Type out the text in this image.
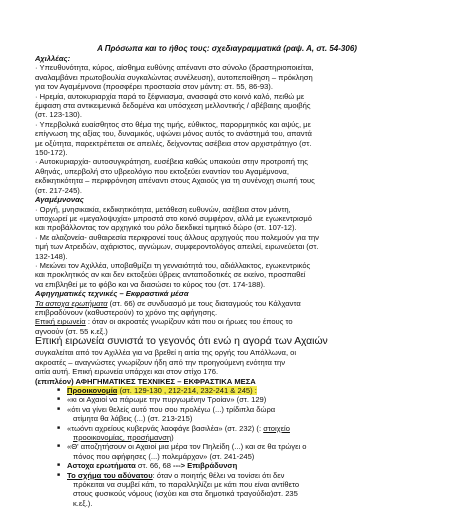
Α Πρόσωπα και το ήθος τους: σχεδιαγραμματικά (ραψ. Α, στ. 54-306)
Αχιλλέας:
· Υπευθυνότητα, κύρος, αίσθημα ευθύνης απέναντι στο σύνολο (δραστηριοποιείται,
αναλαμβάνει πρωτοβουλία συγκαλώντας συνέλευση), αυτοπεποίθηση – πρόκληση
για τον Αγαμέμνονα (προσφέρει προστασία στον μάντη: στ. 55, 86-93).
· Ηρεμία, αυτοκυριαρχία παρά το ξέφνιασμα, ανασαφά στο κοινό καλό, πειθώ με
έμφαση στα αντικειμενικά δεδομένα και υπόσχεση μελλοντικής / αβέβαιης αμοιβής
(στ. 123-130).
· Υπερβολικά ευαίσθητος στο θέμα της τιμής, εύθικτος, παρορμητικός και αψύς, με
επίγνωση της αξίας του, δυναμικός, υψώνει μόνος αυτός το ανάστημά του, απαντά
με οξύτητα, παρεκτρέπεται σε απειλές, δείχνοντας ασέβεια στον αρχιστράτηγο (στ.
150-172).
· Αυτοκυριαρχία- αυτοσυγκράτηση, ευσέβεια καθώς υπακούει στην προτροπή της
Αθηνάς, υπερβολή στο υβρεολόγιο που εκτοξεύει εναντίον του Αγαμέμνονα,
εκδικητικότητα – περιφρόνηση απέναντι στους Αχαιούς για τη συνένοχη σιωπή τους
(στ. 217-245).
Αγαμέμνονας
· Οργή, μνησικακία, εκδικητικότητα, μετάθεση ευθυνών, ασέβεια στον μάντη,
υποχωρεί με «μεγαλοψυχία» μπροστά στο κοινό συμφέρον, αλλά με εγωκεντρισμό
και προβάλλοντας τον αρχηγικό του ρόλο διεκδικεί τιμητικό δώρο (στ. 107-12).
· Με αλαζονεία- αυθαιρεσία περιφρονεί τους άλλους αρχηγούς που πολεμούν για την
τιμή των Ατρειδών, αχάριστος, αγνώμων, συμφεροντολόγος απειλεί, ειρωνεύεται (στ.
132-148).
· Μειώνει τον Αχιλλέα, υποβαθμίζει τη γενναιότητά του, αδιάλλακτος, εγωκεντρικός
και προκλητικός αν και δεν εκτοξεύει ύβρεις ανταποδοτικές σε εκείνο, προσπαθεί
να επιβληθεί με το φόβο και να διασώσει το κύρος του (στ. 174-188).
Αφηγηματικές τεχνικές – Εκφραστικά μέσα
Τα αστοχα ερωτήματα (στ. 66) σε συνδυασμό με τους διαταγμούς του Κάλχαντα
επιβραδύνουν (καθυστερούν) το χρόνο της αφήγησης.
Επική ειρωνεία : όταν οι ακροατές γνωρίζουν κάτι που οι ήρωες του έπους το
αγνοούν (στ. 55 κ.εξ.)
Επική ειρωνεία συνιστά το γεγονός ότι ενώ η αγορά των Αχαιών
συγκαλείται από τον Αχιλλέα για να βρεθεί η αιτία της οργής του Απόλλωνα, οι
ακροατές – αναγνώστες γνωρίζουν ήδη από την προηγούμενη ενότητα την
αιτία αυτή. Επική ειρωνεία υπάρχει και στον στίχο 176.
(επιπλέον) ΑΦΗΓΗΜΑΤΙΚΕΣ ΤΕΧΝΙΚΕΣ – ΕΚΦΡΑΣΤΙΚΑ ΜΕΣΑ
■ Προοικονομία (στ. 129-130 , 212-214, 232-241 & 245) :
■ «κι οι Αχαιοί να πάρωμε την πυργωμένην Τροίαν» (στ. 129)
■ «ότι να γίνει θελείς αυτό που σου προλέγω (...) τρίδιπλα δώρα
ατίμητα θα λάβεις (...) (στ. 213-215)
■ «τωόντι αχρείους κυβερνάς λαοφάγε βασιλέα» (στ. 232) (: στοιχείο
προοικονομίας, προσήμανση)
■ «Θ' αποζητήσουν οι Αχαιοί μια μέρα τον Πηλείδη (...) και σε θα τρώγει ο
πόνος που αφήφησες (...) πολεμάρχον» (στ. 241-245)
■ Αστοχα ερωτήματα στ. 66, 68 ---> Επιβράδυνση
■ Το σχήμα του αδύνατου: όταν ο ποιητής θέλει να τονίσει ότι δεν
πρόκειται να συμβεί κάτι, το παραλληλίζει με κάτι που είναι αντίθετο
στους φυσικούς νόμους (ισχύει και στα δημοτικά τραγούδια)στ. 235
κ.εξ.).
